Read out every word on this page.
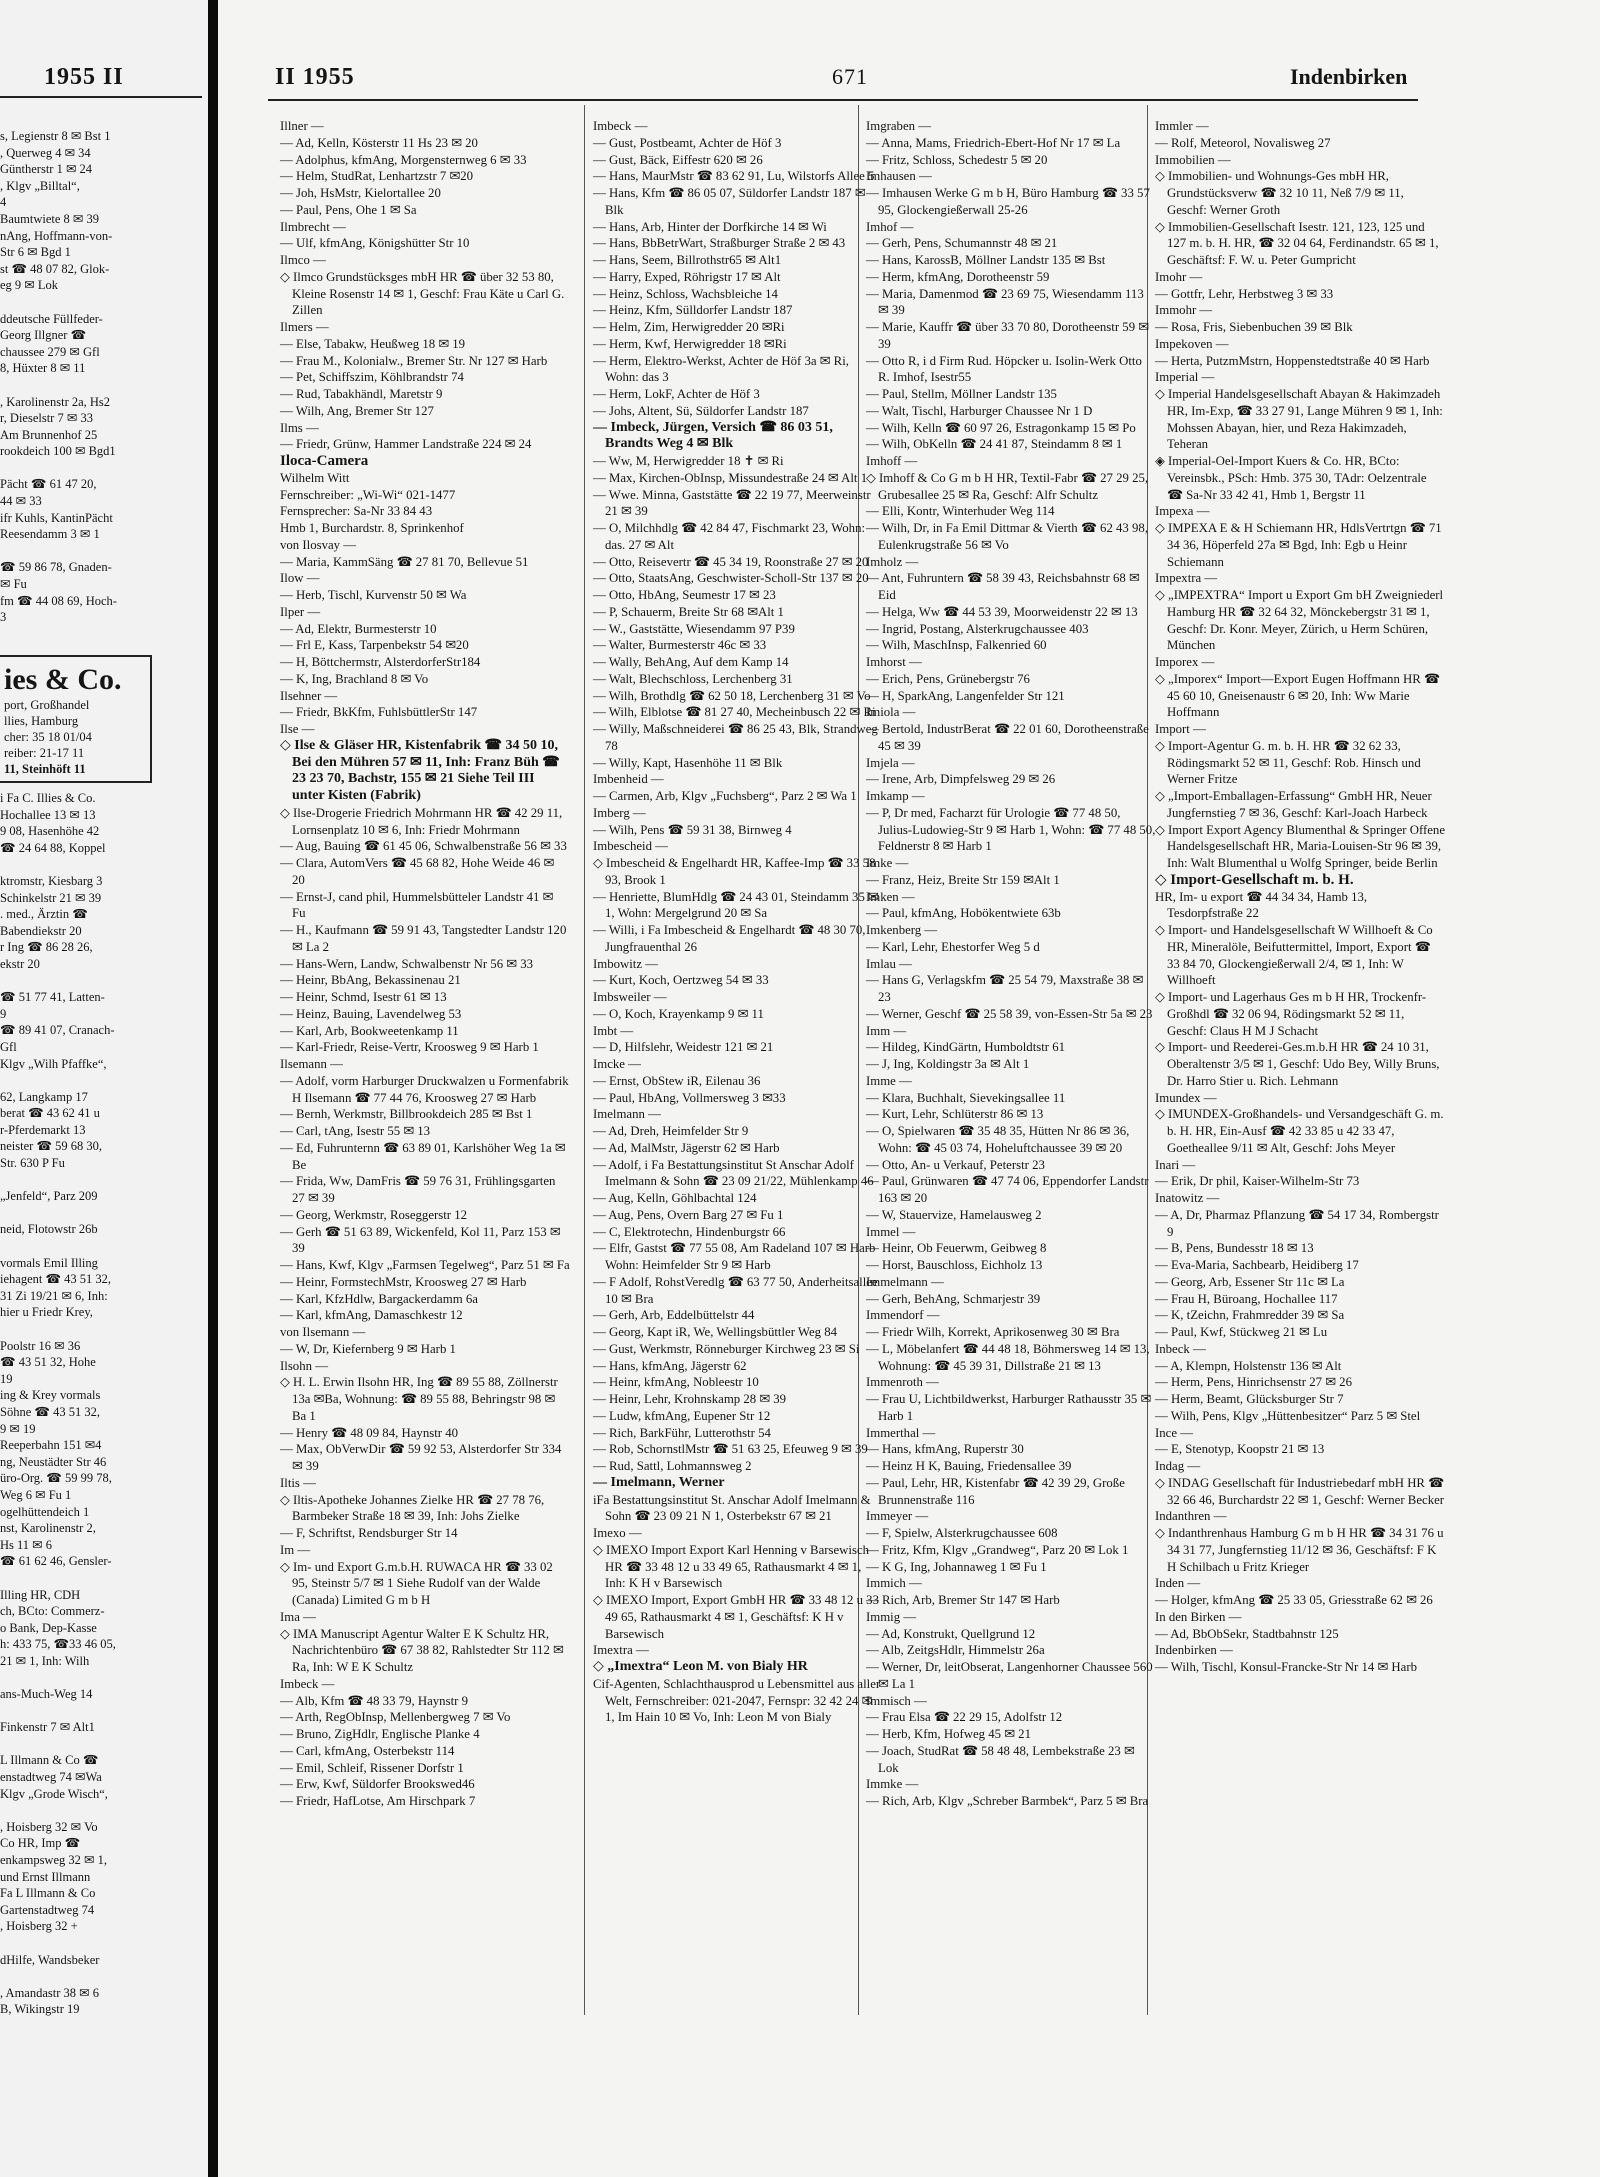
1955 II
s, Legienstr 8 ✉ Bst 1
, Querweg 4 ✉ 34
Güntherstr 1 ✉ 24
, Klgv „Billtal“,
4
Baumtwiete 8 ✉ 39
nAng, Hoffmann-von-
Str 6 ✉ Bgd 1
st ☎ 48 07 82, Glok-
eg 9 ✉ Lok

ddeutsche Füllfeder-
Georg Illgner ☎
chaussee 279 ✉ Gfl
8, Hüxter 8 ✉ 11

, Karolinenstr 2a, Hs2
r, Dieselstr 7 ✉ 33
Am Brunnenhof 25
rookdeich 100 ✉ Bgd1

Pächt ☎ 61 47 20,
44 ✉ 33
ifr Kuhls, KantinPächt
Reesendamm 3 ✉ 1

☎ 59 86 78, Gnaden-
✉ Fu
fm ☎ 44 08 69, Hoch-
3
ies & Co.
port, Großhandel
llies, Hamburg
cher: 35 18 01/04
reiber: 21-17 11
11, Steinhöft 11
i Fa C. Illies & Co.
Hochallee 13 ✉ 13
9 08, Hasenhöhe 42
☎ 24 64 88, Koppel

ktromstr, Kiesbarg 3
Schinkelstr 21 ✉ 39
. med., Ärztin ☎
Babendiekstr 20
r Ing ☎ 86 28 26,
ekstr 20

☎ 51 77 41, Latten-
9
☎ 89 41 07, Cranach-
Gfl
Klgv „Wilh Pfaffke“,

62, Langkamp 17
berat ☎ 43 62 41 u
r-Pferdemarkt 13
neister ☎ 59 68 30,
Str. 630 P Fu

„Jenfeld“, Parz 209

neid, Flotowstr 26b

vormals Emil Illing
iehagent ☎ 43 51 32,
31 Zi 19/21 ✉ 6, Inh:
hier u Friedr Krey,

Poolstr 16 ✉ 36
☎ 43 51 32, Hohe
19
ing & Krey vormals
Söhne ☎ 43 51 32,
9 ✉ 19
Reeperbahn 151 ✉4
ng, Neustädter Str 46
üro-Org. ☎ 59 99 78,
Weg 6 ✉ Fu 1
ogelhüttendeich 1
nst, Karolinenstr 2,
Hs 11 ✉ 6
☎ 61 62 46, Gensler-

Illing HR, CDH
ch, BCto: Commerz-
o Bank, Dep-Kasse
h: 433 75, ☎33 46 05,
21 ✉ 1, Inh: Wilh

ans-Much-Weg 14

Finkenstr 7 ✉ Alt1

L Illmann & Co ☎
enstadtweg 74 ✉Wa
Klgv „Grode Wisch“,

, Hoisberg 32 ✉ Vo
Co HR, Imp ☎
enkampsweg 32 ✉ 1,
und Ernst Illmann
Fa L Illmann & Co
Gartenstadtweg 74
, Hoisberg 32 +

dHilfe, Wandsbeker

, Amandastr 38 ✉ 6
B, Wikingstr 19
II 1955	671	Indenbirken

Illner —

— Ad, Kelln, Kösterstr 11 Hs 23 ✉ 20

— Adolphus, kfmAng, Morgensternweg 6 ✉ 33

— Helm, StudRat, Lenhartzstr 7 ✉20

— Joh, HsMstr, Kielortallee 20

— Paul, Pens, Ohe 1 ✉ Sa

Ilmbrecht —

— Ulf, kfmAng, Königshütter Str 10

Ilmco —

◇ Ilmco Grundstücksges mbH HR ☎ über 32 53 80, Kleine Rosenstr 14 ✉ 1, Geschf: Frau Käte u Carl G. Zillen

Ilmers —

— Else, Tabakw, Heußweg 18 ✉ 19

— Frau M., Kolonialw., Bremer Str. Nr 127 ✉ Harb

— Pet, Schiffszim, Köhlbrandstr 74

— Rud, Tabakhändl, Maretstr 9

— Wilh, Ang, Bremer Str 127

Ilms —

— Friedr, Grünw, Hammer Landstraße 224 ✉ 24

Iloca-Camera

Wilhelm Witt

Fernschreiber: „Wi-Wi“ 021-1477

Fernsprecher: Sa-Nr 33 84 43

Hmb 1, Burchardstr. 8, Sprinkenhof

von Ilosvay —

— Maria, KammSäng ☎ 27 81 70, Bellevue 51

Ilow —

— Herb, Tischl, Kurvenstr 50 ✉ Wa

Ilper —

— Ad, Elektr, Burmesterstr 10

— Frl E, Kass, Tarpenbekstr 54 ✉20

— H, Böttchermstr, AlsterdorferStr184

— K, Ing, Brachland 8 ✉ Vo

Ilsehner —

— Friedr, BkKfm, FuhlsbüttlerStr 147

Ilse —

◇ Ilse & Gläser HR, Kistenfabrik ☎ 34 50 10, Bei den Mühren 57 ✉ 11, Inh: Franz Büh ☎ 23 23 70, Bachstr, 155 ✉ 21 Siehe Teil III unter Kisten (Fabrik)

◇ Ilse-Drogerie Friedrich Mohrmann HR ☎ 42 29 11, Lornsenplatz 10 ✉ 6, Inh: Friedr Mohrmann

— Aug, Bauing ☎ 61 45 06, Schwalbenstraße 56 ✉ 33

— Clara, AutomVers ☎ 45 68 82, Hohe Weide 46 ✉ 20

— Ernst-J, cand phil, Hummelsbütteler Landstr 41 ✉ Fu

— H., Kaufmann ☎ 59 91 43, Tangstedter Landstr 120 ✉ La 2

— Hans-Wern, Landw, Schwalbenstr Nr 56 ✉ 33

— Heinr, BbAng, Bekassinenau 21

— Heinr, Schmd, Isestr 61 ✉ 13

— Heinz, Bauing, Lavendelweg 53

— Karl, Arb, Bookweetenkamp 11

— Karl-Friedr, Reise-Vertr, Kroosweg 9 ✉ Harb 1

Ilsemann —

— Adolf, vorm Harburger Druckwalzen u Formenfabrik H Ilsemann ☎ 77 44 76, Kroosweg 27 ✉ Harb

— Bernh, Werkmstr, Billbrookdeich 285 ✉ Bst 1

— Carl, tAng, Isestr 55 ✉ 13

— Ed, Fuhrunternn ☎ 63 89 01, Karlshöher Weg 1a ✉ Be

— Frida, Ww, DamFris ☎ 59 76 31, Frühlingsgarten 27 ✉ 39

— Georg, Werkmstr, Roseggerstr 12

— Gerh ☎ 51 63 89, Wickenfeld, Kol 11, Parz 153 ✉ 39

— Hans, Kwf, Klgv „Farmsen Tegelweg“, Parz 51 ✉ Fa

— Heinr, FormstechMstr, Kroosweg 27 ✉ Harb

— Karl, KfzHdlw, Bargackerdamm 6a

— Karl, kfmAng, Damaschkestr 12

von Ilsemann —

— W, Dr, Kiefernberg 9 ✉ Harb 1

Ilsohn —

◇ H. L. Erwin Ilsohn HR, Ing ☎ 89 55 88, Zöllnerstr 13a ✉Ba, Wohnung: ☎ 89 55 88, Behringstr 98 ✉ Ba 1

— Henry ☎ 48 09 84, Haynstr 40

— Max, ObVerwDir ☎ 59 92 53, Alsterdorfer Str 334 ✉ 39

Iltis —

◇ Iltis-Apotheke Johannes Zielke HR ☎ 27 78 76, Barmbeker Straße 18 ✉ 39, Inh: Johs Zielke

— F, Schriftst, Rendsburger Str 14

Im —

◇ Im- und Export G.m.b.H. RUWACA HR ☎ 33 02 95, Steinstr 5/7 ✉ 1 Siehe Rudolf van der Walde (Canada) Limited G m b H

Ima —

◇ IMA Manuscript Agentur Walter E K Schultz HR, Nachrichtenbüro ☎ 67 38 82, Rahlstedter Str 112 ✉ Ra, Inh: W E K Schultz

Imbeck —

— Alb, Kfm ☎ 48 33 79, Haynstr 9

— Arth, RegObInsp, Mellenbergweg 7 ✉ Vo

— Bruno, ZigHdlr, Englische Planke 4

— Carl, kfmAng, Osterbekstr 114

— Emil, Schleif, Rissener Dorfstr 1

— Erw, Kwf, Süldorfer Brookswed46

— Friedr, HafLotse, Am Hirschpark 7

Imbeck —

— Gust, Postbeamt, Achter de Höf 3

— Gust, Bäck, Eiffestr 620 ✉ 26

— Hans, MaurMstr ☎ 83 62 91, Lu, Wilstorfs Allee 5

— Hans, Kfm ☎ 86 05 07, Süldorfer Landstr 187 ✉ Blk

— Hans, Arb, Hinter der Dorfkirche 14 ✉ Wi

— Hans, BbBetrWart, Straßburger Straße 2 ✉ 43

— Hans, Seem, Billrothstr65 ✉ Alt1

— Harry, Exped, Röhrigstr 17 ✉ Alt

— Heinz, Schloss, Wachsbleiche 14

— Heinz, Kfm, Sülldorfer Landstr 187

— Helm, Zim, Herwigredder 20 ✉Ri

— Herm, Kwf, Herwigredder 18 ✉Ri

— Herm, Elektro-Werkst, Achter de Höf 3a ✉ Ri, Wohn: das 3

— Herm, LokF, Achter de Höf 3

— Johs, Altent, Sü, Süldorfer Landstr 187

— Imbeck, Jürgen, Versich ☎ 86 03 51, Brandts Weg 4 ✉ Blk

— Ww, M, Herwigredder 18 ✝ ✉ Ri

— Max, Kirchen-ObInsp, Missundestraße 24 ✉ Alt 1

— Wwe. Minna, Gaststätte ☎ 22 19 77, Meerweinstr 21 ✉ 39

— O, Milchhdlg ☎ 42 84 47, Fischmarkt 23, Wohn: das. 27 ✉ Alt

— Otto, Reisevertr ☎ 45 34 19, Roonstraße 27 ✉ 20

— Otto, StaatsAng, Geschwister-Scholl-Str 137 ✉ 20

— Otto, HbAng, Seumestr 17 ✉ 23

— P, Schauerm, Breite Str 68 ✉Alt 1

— W., Gaststätte, Wiesendamm 97 P39

— Walter, Burmesterstr 46c ✉ 33

— Wally, BehAng, Auf dem Kamp 14

— Walt, Blechschloss, Lerchenberg 31

— Wilh, Brothdlg ☎ 62 50 18, Lerchenberg 31 ✉ Vo

— Wilh, Elblotse ☎ 81 27 40, Mecheinbusch 22 ✉ Ri

— Willy, Maßschneiderei ☎ 86 25 43, Blk, Strandweg 78

— Willy, Kapt, Hasenhöhe 11 ✉ Blk

Imbenheid —

— Carmen, Arb, Klgv „Fuchsberg“, Parz 2 ✉ Wa 1

Imberg —

— Wilh, Pens ☎ 59 31 38, Birnweg 4

Imbescheid —

◇ Imbescheid & Engelhardt HR, Kaffee-Imp ☎ 33 58 93, Brook 1

— Henriette, BlumHdlg ☎ 24 43 01, Steindamm 35 ✉ 1, Wohn: Mergelgrund 20 ✉ Sa

— Willi, i Fa Imbescheid & Engelhardt ☎ 48 30 70, Jungfrauenthal 26

Imbowitz —

— Kurt, Koch, Oertzweg 54 ✉ 33

Imbsweiler —

— O, Koch, Krayenkamp 9 ✉ 11

Imbt —

— D, Hilfslehr, Weidestr 121 ✉ 21

Imcke —

— Ernst, ObStew iR, Eilenau 36

— Paul, HbAng, Vollmersweg 3 ✉33

Imelmann —

— Ad, Dreh, Heimfelder Str 9

— Ad, MalMstr, Jägerstr 62 ✉ Harb

— Adolf, i Fa Bestattungsinstitut St Anschar Adolf Imelmann & Sohn ☎ 23 09 21/22, Mühlenkamp 46

— Aug, Kelln, Göhlbachtal 124

— Aug, Pens, Overn Barg 27 ✉ Fu 1

— C, Elektrotechn, Hindenburgstr 66

— Elfr, Gastst ☎ 77 55 08, Am Radeland 107 ✉ Harb Wohn: Heimfelder Str 9 ✉ Harb

— F Adolf, RohstVeredlg ☎ 63 77 50, Anderheitsallee 10 ✉ Bra

— Gerh, Arb, Eddelbüttelstr 44

— Georg, Kapt iR, We, Wellingsbüttler Weg 84

— Gust, Werkmstr, Rönneburger Kirchweg 23 ✉ Si

— Hans, kfmAng, Jägerstr 62

— Heinr, kfmAng, Nobleestr 10

— Heinr, Lehr, Krohnskamp 28 ✉ 39

— Ludw, kfmAng, Eupener Str 12

— Rich, BarkFühr, Lutterothstr 54

— Rob, SchornstlMstr ☎ 51 63 25, Efeuweg 9 ✉ 39

— Rud, Sattl, Lohmannsweg 2

— Imelmann, Werner

iFa Bestattungsinstitut St. Anschar Adolf Imelmann & Sohn ☎ 23 09 21 N 1, Osterbekstr 67 ✉ 21

Imexo —

◇ IMEXO Import Export Karl Henning v Barsewisch HR ☎ 33 48 12 u 33 49 65, Rathausmarkt 4 ✉ 1, Inh: K H v Barsewisch

◇ IMEXO Import, Export GmbH HR ☎ 33 48 12 u 33 49 65, Rathausmarkt 4 ✉ 1, Geschäftsf: K H v Barsewisch

Imextra —

◇ „Imextra“ Leon M. von Bialy HR

Cif-Agenten, Schlachthausprod u Lebensmittel aus aller Welt, Fernschreiber: 021-2047, Fernspr: 32 42 24 ✉ 1, Im Hain 10 ✉ Vo, Inh: Leon M von Bialy

Imgraben —

— Anna, Mams, Friedrich-Ebert-Hof Nr 17 ✉ La

— Fritz, Schloss, Schedestr 5 ✉ 20

Imhausen —

— Imhausen Werke G m b H, Büro Hamburg ☎ 33 57 95, Glockengießerwall 25-26

Imhof —

— Gerh, Pens, Schumannstr 48 ✉ 21

— Hans, KarossB, Möllner Landstr 135 ✉ Bst

— Herm, kfmAng, Dorotheenstr 59

— Maria, Damenmod ☎ 23 69 75, Wiesendamm 113 ✉ 39

— Marie, Kauffr ☎ über 33 70 80, Dorotheenstr 59 ✉ 39

— Otto R, i d Firm Rud. Höpcker u. Isolin-Werk Otto R. Imhof, Isestr55

— Paul, Stellm, Möllner Landstr 135

— Walt, Tischl, Harburger Chaussee Nr 1 D

— Wilh, Kelln ☎ 60 97 26, Estragonkamp 15 ✉ Po

— Wilh, ObKelln ☎ 24 41 87, Steindamm 8 ✉ 1

Imhoff —

◇ Imhoff & Co G m b H HR, Textil-Fabr ☎ 27 29 25, Grubesallee 25 ✉ Ra, Geschf: Alfr Schultz

— Elli, Kontr, Winterhuder Weg 114

— Wilh, Dr, in Fa Emil Dittmar & Vierth ☎ 62 43 98, Eulenkrugstraße 56 ✉ Vo

Imholz —

— Ant, Fuhruntern ☎ 58 39 43, Reichsbahnstr 68 ✉ Eid

— Helga, Ww ☎ 44 53 39, Moorweidenstr 22 ✉ 13

— Ingrid, Postang, Alsterkrugchaussee 403

— Wilh, MaschInsp, Falkenried 60

Imhorst —

— Erich, Pens, Grünebergstr 76

— H, SparkAng, Langenfelder Str 121

Imiola —

— Bertold, IndustrBerat ☎ 22 01 60, Dorotheenstraße 45 ✉ 39

Imjela —

— Irene, Arb, Dimpfelsweg 29 ✉ 26

Imkamp —

— P, Dr med, Facharzt für Urologie ☎ 77 48 50, Julius-Ludowieg-Str 9 ✉ Harb 1, Wohn: ☎ 77 48 50, Feldnerstr 8 ✉ Harb 1

Imke —

— Franz, Heiz, Breite Str 159 ✉Alt 1

Imken —

— Paul, kfmAng, Hobökentwiete 63b

Imkenberg —

— Karl, Lehr, Ehestorfer Weg 5 d

Imlau —

— Hans G, Verlagskfm ☎ 25 54 79, Maxstraße 38 ✉ 23

— Werner, Geschf ☎ 25 58 39, von-Essen-Str 5a ✉ 23

Imm —

— Hildeg, KindGärtn, Humboldtstr 61

— J, Ing, Koldingstr 3a ✉ Alt 1

Imme —

— Klara, Buchhalt, Sievekingsallee 11

— Kurt, Lehr, Schlüterstr 86 ✉ 13

— O, Spielwaren ☎ 35 48 35, Hütten Nr 86 ✉ 36, Wohn: ☎ 45 03 74, Hoheluftchaussee 39 ✉ 20

— Otto, An- u Verkauf, Peterstr 23

— Paul, Grünwaren ☎ 47 74 06, Eppendorfer Landstr 163 ✉ 20

— W, Stauervize, Hamelausweg 2

Immel —

— Heinr, Ob Feuerwm, Geibweg 8

— Horst, Bauschloss, Eichholz 13

Immelmann —

— Gerh, BehAng, Schmarjestr 39

Immendorf —

— Friedr Wilh, Korrekt, Aprikosenweg 30 ✉ Bra

— L, Möbelanfert ☎ 44 48 18, Böhmersweg 14 ✉ 13, Wohnung: ☎ 45 39 31, Dillstraße 21 ✉ 13

Immenroth —

— Frau U, Lichtbildwerkst, Harburger Rathausstr 35 ✉ Harb 1

Immerthal —

— Hans, kfmAng, Ruperstr 30

— Heinz H K, Bauing, Friedensallee 39

— Paul, Lehr, HR, Kistenfabr ☎ 42 39 29, Große Brunnenstraße 116

Immeyer —

— F, Spielw, Alsterkrugchaussee 608

— Fritz, Kfm, Klgv „Grandweg“, Parz 20 ✉ Lok 1

— K G, Ing, Johannaweg 1 ✉ Fu 1

Immich —

— Rich, Arb, Bremer Str 147 ✉ Harb

Immig —

— Ad, Konstrukt, Quellgrund 12

— Alb, ZeitgsHdlr, Himmelstr 26a

— Werner, Dr, leitObserat, Langenhorner Chaussee 560 ✉ La 1

Immisch —

— Frau Elsa ☎ 22 29 15, Adolfstr 12

— Herb, Kfm, Hofweg 45 ✉ 21

— Joach, StudRat ☎ 58 48 48, Lembekstraße 23 ✉ Lok

Immke —

— Rich, Arb, Klgv „Schreber Barmbek“, Parz 5 ✉ Bra

Immler —

— Rolf, Meteorol, Novalisweg 27

Immobilien —

◇ Immobilien- und Wohnungs-Ges mbH HR, Grundstücksverw ☎ 32 10 11, Neß 7/9 ✉ 11, Geschf: Werner Groth

◇ Immobilien-Gesellschaft Isestr. 121, 123, 125 und 127 m. b. H. HR, ☎ 32 04 64, Ferdinandstr. 65 ✉ 1, Geschäftsf: F. W. u. Peter Gumpricht

Imohr —

— Gottfr, Lehr, Herbstweg 3 ✉ 33

Immohr —

— Rosa, Fris, Siebenbuchen 39 ✉ Blk

Impekoven —

— Herta, PutzmMstrn, Hoppenstedtstraße 40 ✉ Harb

Imperial —

◇ Imperial Handelsgesellschaft Abayan & Hakimzadeh HR, Im-Exp, ☎ 33 27 91, Lange Mühren 9 ✉ 1, Inh: Mohssen Abayan, hier, und Reza Hakimzadeh, Teheran

◈ Imperial-Oel-Import Kuers & Co. HR, BCto: Vereinsbk., PSch: Hmb. 375 30, TAdr: Oelzentrale ☎ Sa-Nr 33 42 41, Hmb 1, Bergstr 11

Impexa —

◇ IMPEXA E & H Schiemann HR, HdlsVertrtgn ☎ 71 34 36, Höperfeld 27a ✉ Bgd, Inh: Egb u Heinr Schiemann

Impextra —

◇ „IMPEXTRA“ Import u Export Gm bH Zweigniederl Hamburg HR ☎ 32 64 32, Mönckebergstr 31 ✉ 1, Geschf: Dr. Konr. Meyer, Zürich, u Herm Schüren, München

Imporex —

◇ „Imporex“ Import—Export Eugen Hoffmann HR ☎ 45 60 10, Gneisenaustr 6 ✉ 20, Inh: Ww Marie Hoffmann

Import —

◇ Import-Agentur G. m. b. H. HR ☎ 32 62 33, Rödingsmarkt 52 ✉ 11, Geschf: Rob. Hinsch und Werner Fritze

◇ „Import-Emballagen-Erfassung“ GmbH HR, Neuer Jungfernstieg 7 ✉ 36, Geschf: Karl-Joach Harbeck

◇ Import Export Agency Blumenthal & Springer Offene Handelsgesellschaft HR, Maria-Louisen-Str 96 ✉ 39, Inh: Walt Blumenthal u Wolfg Springer, beide Berlin

◇ Import-Gesellschaft m. b. H.

HR, Im- u export ☎ 44 34 34, Hamb 13, Tesdorpfstraße 22

◇ Import- und Handelsgesellschaft W Willhoeft & Co HR, Mineralöle, Beifuttermittel, Import, Export ☎ 33 84 70, Glockengießerwall 2/4, ✉ 1, Inh: W Willhoeft

◇ Import- und Lagerhaus Ges m b H HR, Trockenfr-Großhdl ☎ 32 06 94, Rödingsmarkt 52 ✉ 11, Geschf: Claus H M J Schacht

◇ Import- und Reederei-Ges.m.b.H HR ☎ 24 10 31, Oberaltenstr 3/5 ✉ 1, Geschf: Udo Bey, Willy Bruns, Dr. Harro Stier u. Rich. Lehmann

Imundex —

◇ IMUNDEX-Großhandels- und Versandgeschäft G. m. b. H. HR, Ein-Ausf ☎ 42 33 85 u 42 33 47, Goetheallee 9/11 ✉ Alt, Geschf: Johs Meyer

Inari —

— Erik, Dr phil, Kaiser-Wilhelm-Str 73

Inatowitz —

— A, Dr, Pharmaz Pflanzung ☎ 54 17 34, Rombergstr 9

— B, Pens, Bundesstr 18 ✉ 13

— Eva-Maria, Sachbearb, Heidiberg 17

— Georg, Arb, Essener Str 11c ✉ La

— Frau H, Büroang, Hochallee 117

— K, tZeichn, Frahmredder 39 ✉ Sa

— Paul, Kwf, Stückweg 21 ✉ Lu

Inbeck —

— A, Klempn, Holstenstr 136 ✉ Alt

— Herm, Pens, Hinrichsenstr 27 ✉ 26

— Herm, Beamt, Glücksburger Str 7

— Wilh, Pens, Klgv „Hüttenbesitzer“ Parz 5 ✉ Stel

Ince —

— E, Stenotyp, Koopstr 21 ✉ 13

Indag —

◇ INDAG Gesellschaft für Industriebedarf mbH HR ☎ 32 66 46, Burchardstr 22 ✉ 1, Geschf: Werner Becker

Indanthren —

◇ Indanthrenhaus Hamburg G m b H HR ☎ 34 31 76 u 34 31 77, Jungfernstieg 11/12 ✉ 36, Geschäftsf: F K H Schilbach u Fritz Krieger

Inden —

— Holger, kfmAng ☎ 25 33 05, Griesstraße 62 ✉ 26

In den Birken —

— Ad, BbObSekr, Stadtbahnstr 125

Indenbirken —

— Wilh, Tischl, Konsul-Francke-Str Nr 14 ✉ Harb
